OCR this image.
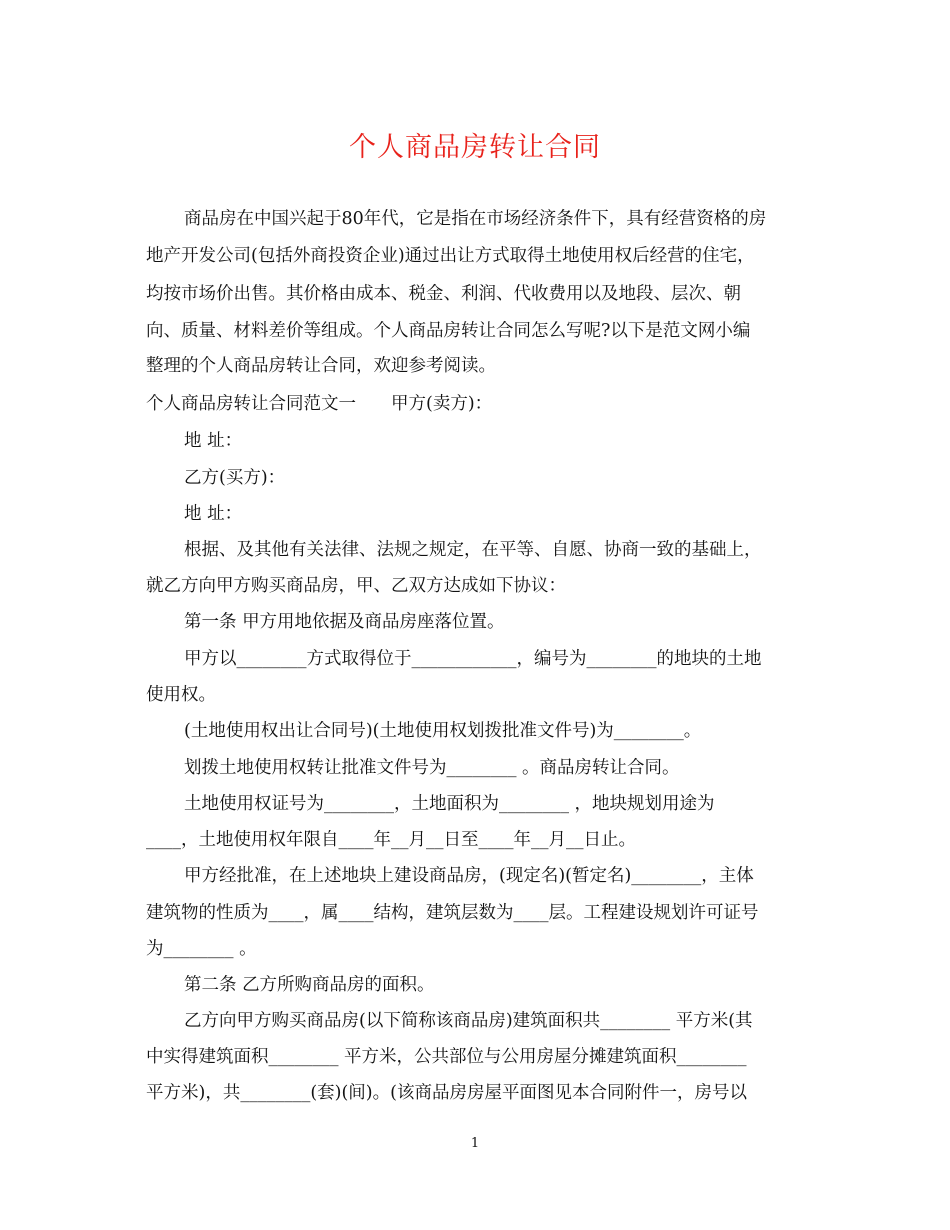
个人商品房转让合同
商品房在中国兴起于80年代，它是指在市场经济条件下，具有经营资格的房
地产开发公司(包括外商投资企业)通过出让方式取得土地使用权后经营的住宅，
均按市场价出售。其价格由成本、税金、利润、代收费用以及地段、层次、朝
向、质量、材料差价等组成。个人商品房转让合同怎么写呢?以下是范文网小编
整理的个人商品房转让合同，欢迎参考阅读。
个人商品房转让合同范文一　　甲方(卖方)：
地 址：
乙方(买方)：
地 址：
根据、及其他有关法律、法规之规定，在平等、自愿、协商一致的基础上，
就乙方向甲方购买商品房，甲、乙双方达成如下协议：
第一条 甲方用地依据及商品房座落位置。
甲方以________方式取得位于____________，编号为________的地块的土地
使用权。
(土地使用权出让合同号)(土地使用权划拨批准文件号)为________。
划拨土地使用权转让批准文件号为________ 。商品房转让合同。
土地使用权证号为________，土地面积为________ ，地块规划用途为
____，土地使用权年限自____年__月__日至____年__月__日止。
甲方经批准，在上述地块上建设商品房，(现定名)(暂定名)________，主体
建筑物的性质为____，属____结构，建筑层数为____层。工程建设规划许可证号
为________ 。
第二条 乙方所购商品房的面积。
乙方向甲方购买商品房(以下简称该商品房)建筑面积共________ 平方米(其
中实得建筑面积________ 平方米，公共部位与公用房屋分摊建筑面积________
平方米)，共________(套)(间)。(该商品房房屋平面图见本合同附件一，房号以
1
